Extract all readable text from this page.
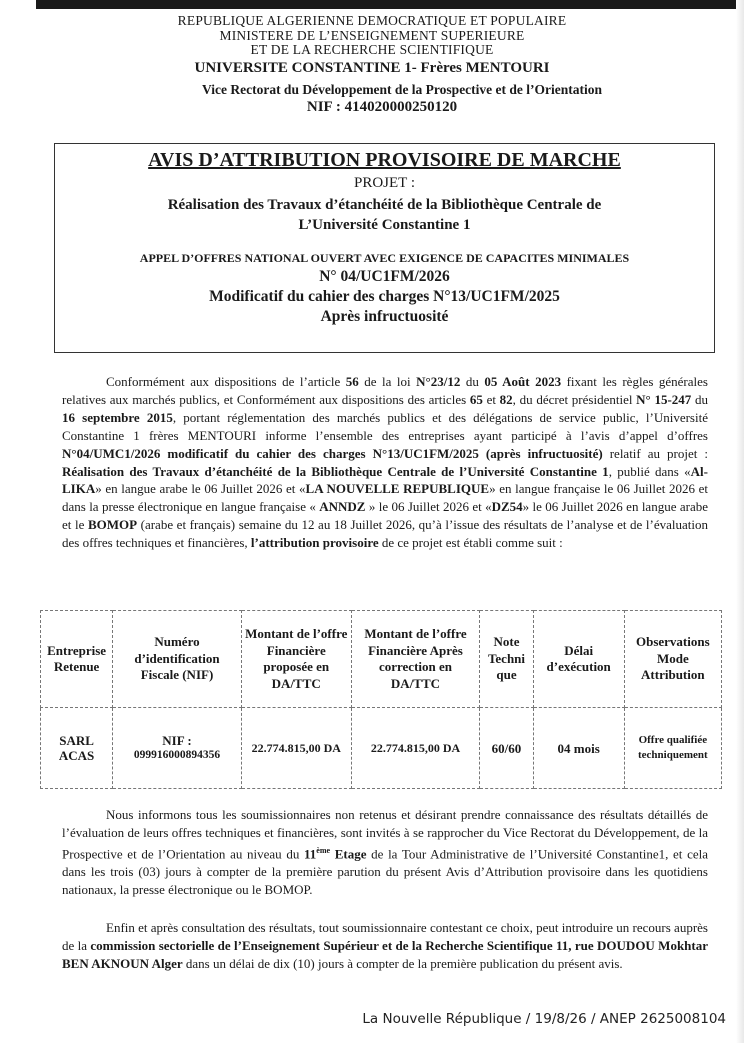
REPUBLIQUE ALGERIENNE DEMOCRATIQUE ET POPULAIRE
MINISTERE DE L’ENSEIGNEMENT SUPERIEURE
ET DE LA RECHERCHE SCIENTIFIQUE
UNIVERSITE CONSTANTINE 1- Frères MENTOURI
Vice Rectorat du Développement de la Prospective et de l’Orientation
NIF : 414020000250120
AVIS D’ATTRIBUTION PROVISOIRE DE MARCHE
PROJET :
Réalisation des Travaux d’étanchéité de la Bibliothèque Centrale de
L’Université Constantine 1
APPEL D’OFFRES NATIONAL OUVERT AVEC EXIGENCE DE CAPACITES MINIMALES
N° 04/UC1FM/2026
Modificatif du cahier des charges N°13/UC1FM/2025
Après infructuosité
Conformément aux dispositions de l’article 56 de la loi N°23/12 du 05 Août 2023 fixant les règles générales relatives aux marchés publics, et Conformément aux dispositions des articles 65 et 82, du décret présidentiel N° 15-247 du 16 septembre 2015, portant réglementation des marchés publics et des délégations de service public, l’Université Constantine 1 frères MENTOURI informe l’ensemble des entreprises ayant participé à l’avis d’appel d’offres N°04/UMC1/2026 modificatif du cahier des charges N°13/UC1FM/2025 (après infructuosité) relatif au projet : Réalisation des Travaux d’étanchéité de la Bibliothèque Centrale de l’Université Constantine 1, publié dans «Al-LIKA» en langue arabe le 06 Juillet 2026 et «LA NOUVELLE REPUBLIQUE» en langue française le 06 Juillet 2026 et dans la presse électronique en langue française « ANNDZ » le 06 Juillet 2026 et «DZ54» le 06 Juillet 2026 en langue arabe et le BOMOP (arabe et français) semaine du 12 au 18 Juillet 2026, qu’à l’issue des résultats de l’analyse et de l’évaluation des offres techniques et financières, l’attribution provisoire de ce projet est établi comme suit :
Entreprise Retenue	Numéro d’identification Fiscale (NIF)	Montant de l’offre Financière proposée en DA/TTC	Montant de l’offre Financière Après correction en DA/TTC	Note Techni que	Délai d’exécution	Observations Mode Attribution
SARL ACAS	NIF :
099916000894356	22.774.815,00 DA	22.774.815,00 DA	60/60	04 mois	Offre qualifiée techniquement
Nous informons tous les soumissionnaires non retenus et désirant prendre connaissance des résultats détaillés de l’évaluation de leurs offres techniques et financières, sont invités à se rapprocher du Vice Rectorat du Développement, de la Prospective et de l’Orientation au niveau du 11ème Etage de la Tour Administrative de l’Université Constantine1, et cela dans les trois (03) jours à compter de la première parution du présent Avis d’Attribution provisoire dans les quotidiens nationaux, la presse électronique ou le BOMOP.
Enfin et après consultation des résultats, tout soumissionnaire contestant ce choix, peut introduire un recours auprès de la commission sectorielle de l’Enseignement Supérieur et de la Recherche Scientifique 11, rue DOUDOU Mokhtar BEN AKNOUN Alger dans un délai de dix (10) jours à compter de la première publication du présent avis.
La Nouvelle République / 19/8/26 / ANEP 2625008104
